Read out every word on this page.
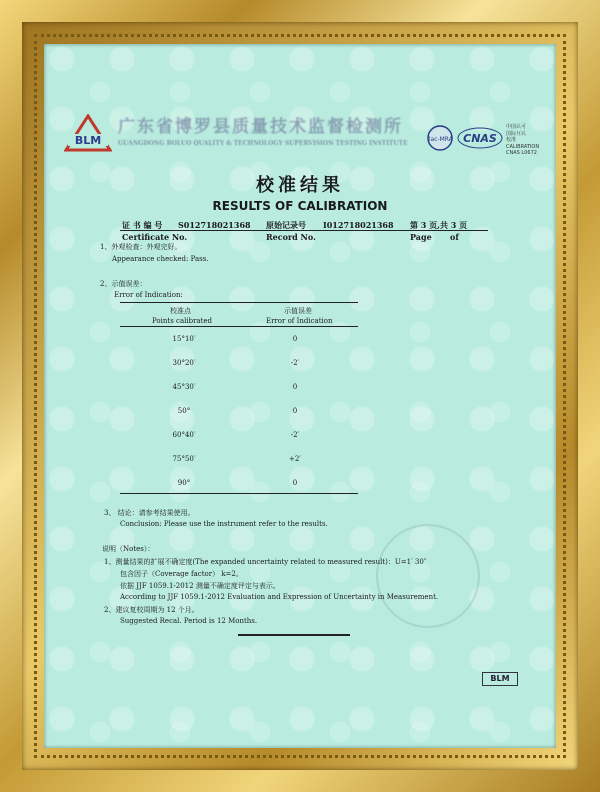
BLM
广东省博罗县质量技术监督检测所
GUANGDONG BOLUO QUALITY & TECHNOLOGY SUPERVISION TESTING INSTITUTE
ilac-MRA CNAS
中国认可
国际互认
校准
CALIBRATION
CNAS L0672
校准结果
RESULTS OF CALIBRATION
证 书 编 号 S012718021368
Certificate No.
原始记录号 I012718021368
Record No.
第 3 页,共 3 页
Page of
1、外观检查：外观完好。
Appearance checked: Pass.
2、示值误差：
Error of Indication:
校准点	示值误差
Points calibrated	Error of Indication
15°10′	0
30°20′	-2′
45°30′	0
50°	0
60°40′	-2′
75°50′	+2′
90°	0
3、 结论：请参考结果使用。
Conclusion: Please use the instrument refer to the results.
说明（Notes）：
1、测量结果的扩展不确定度(The expanded uncertainty related to measured result)：U=1′ 30″
包含因子（Coverage factor） k=2。
依据 JJF 1059.1-2012 测量不确定度评定与表示。
According to JJF 1059.1-2012 Evaluation and Expression of Uncertainty in Measurement.
2、建议复校周期为 12 个月。
Suggested Recal. Period is 12 Months.
BLM
